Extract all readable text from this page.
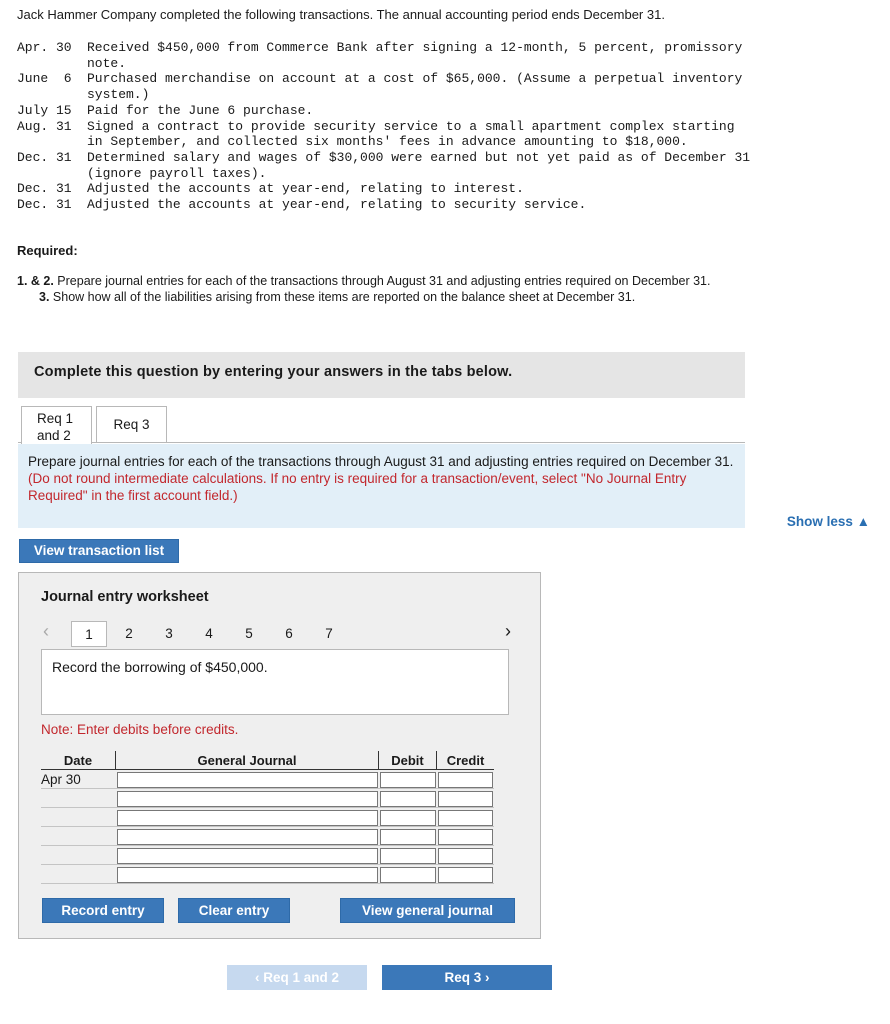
Jack Hammer Company completed the following transactions. The annual accounting period ends December 31.
Apr. 30	Received $450,000 from Commerce Bank after signing a 12-month, 5 percent, promissory note.
June  6	Purchased merchandise on account at a cost of $65,000. (Assume a perpetual inventory system.)
July 15	Paid for the June 6 purchase.
Aug. 31	Signed a contract to provide security service to a small apartment complex starting in September, and collected six months' fees in advance amounting to $18,000.
Dec. 31	Determined salary and wages of $30,000 were earned but not yet paid as of December 31 (ignore payroll taxes).
Dec. 31	Adjusted the accounts at year-end, relating to interest.
Dec. 31	Adjusted the accounts at year-end, relating to security service.
Required:
1. & 2. Prepare journal entries for each of the transactions through August 31 and adjusting entries required on December 31.
3. Show how all of the liabilities arising from these items are reported on the balance sheet at December 31.
Complete this question by entering your answers in the tabs below.
Req 1
and 2
Req 3
Prepare journal entries for each of the transactions through August 31 and adjusting entries required on December 31. (Do not round intermediate calculations. If no entry is required for a transaction/event, select "No Journal Entry Required" in the first account field.)
Show less ▲
View transaction list
Journal entry worksheet
‹	1	2	3	4	5	6	7	›
Record the borrowing of $450,000.
Note: Enter debits before credits.
Date	General Journal	Debit	Credit
Apr 30	

Record entry	Clear entry	View general journal
‹ Req 1 and 2	Req 3 ›
